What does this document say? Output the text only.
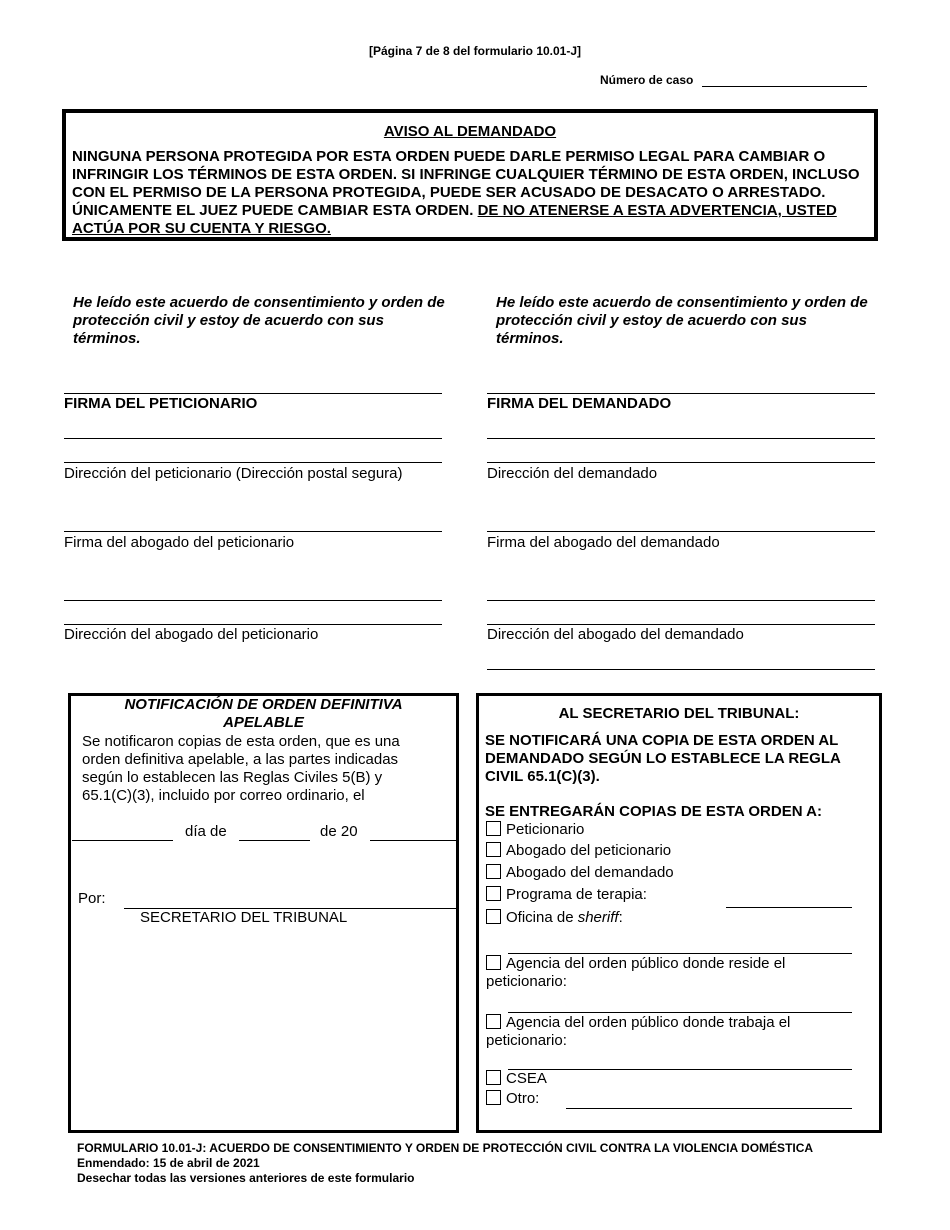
[Página 7 de 8 del formulario 10.01-J]
Número de caso
AVISO AL DEMANDADO
NINGUNA PERSONA PROTEGIDA POR ESTA ORDEN PUEDE DARLE PERMISO LEGAL PARA CAMBIAR O INFRINGIR LOS TÉRMINOS DE ESTA ORDEN. SI INFRINGE CUALQUIER TÉRMINO DE ESTA ORDEN, INCLUSO CON EL PERMISO DE LA PERSONA PROTEGIDA, PUEDE SER ACUSADO DE DESACATO O ARRESTADO. ÚNICAMENTE EL JUEZ PUEDE CAMBIAR ESTA ORDEN. DE NO ATENERSE A ESTA ADVERTENCIA, USTED ACTÚA POR SU CUENTA Y RIESGO.
He leído este acuerdo de consentimiento y orden de protección civil y estoy de acuerdo con sus términos.
He leído este acuerdo de consentimiento y orden de protección civil y estoy de acuerdo con sus términos.
FIRMA DEL PETICIONARIO
Dirección del peticionario (Dirección postal segura)
Firma del abogado del peticionario
Dirección del abogado del peticionario
FIRMA DEL DEMANDADO
Dirección del demandado
Firma del abogado del demandado
Dirección del abogado del demandado
NOTIFICACIÓN DE ORDEN DEFINITIVA
APELABLE
Se notificaron copias de esta orden, que es una orden definitiva apelable, a las partes indicadas según lo establecen las Reglas Civiles 5(B) y 65.1(C)(3), incluido por correo ordinario, el
día de	de 20
Por:
SECRETARIO DEL TRIBUNAL
AL SECRETARIO DEL TRIBUNAL:
SE NOTIFICARÁ UNA COPIA DE ESTA ORDEN AL DEMANDADO SEGÚN LO ESTABLECE LA REGLA CIVIL 65.1(C)(3).
SE ENTREGARÁN COPIAS DE ESTA ORDEN A:
Peticionario
Abogado del peticionario
Abogado del demandado
Programa de terapia:
Oficina de sheriff:
Agencia del orden público donde reside el peticionario:
Agencia del orden público donde trabaja el peticionario:
CSEA
Otro:
FORMULARIO 10.01-J: ACUERDO DE CONSENTIMIENTO Y ORDEN DE PROTECCIÓN CIVIL CONTRA LA VIOLENCIA DOMÉSTICA
Enmendado: 15 de abril de 2021
Desechar todas las versiones anteriores de este formulario
